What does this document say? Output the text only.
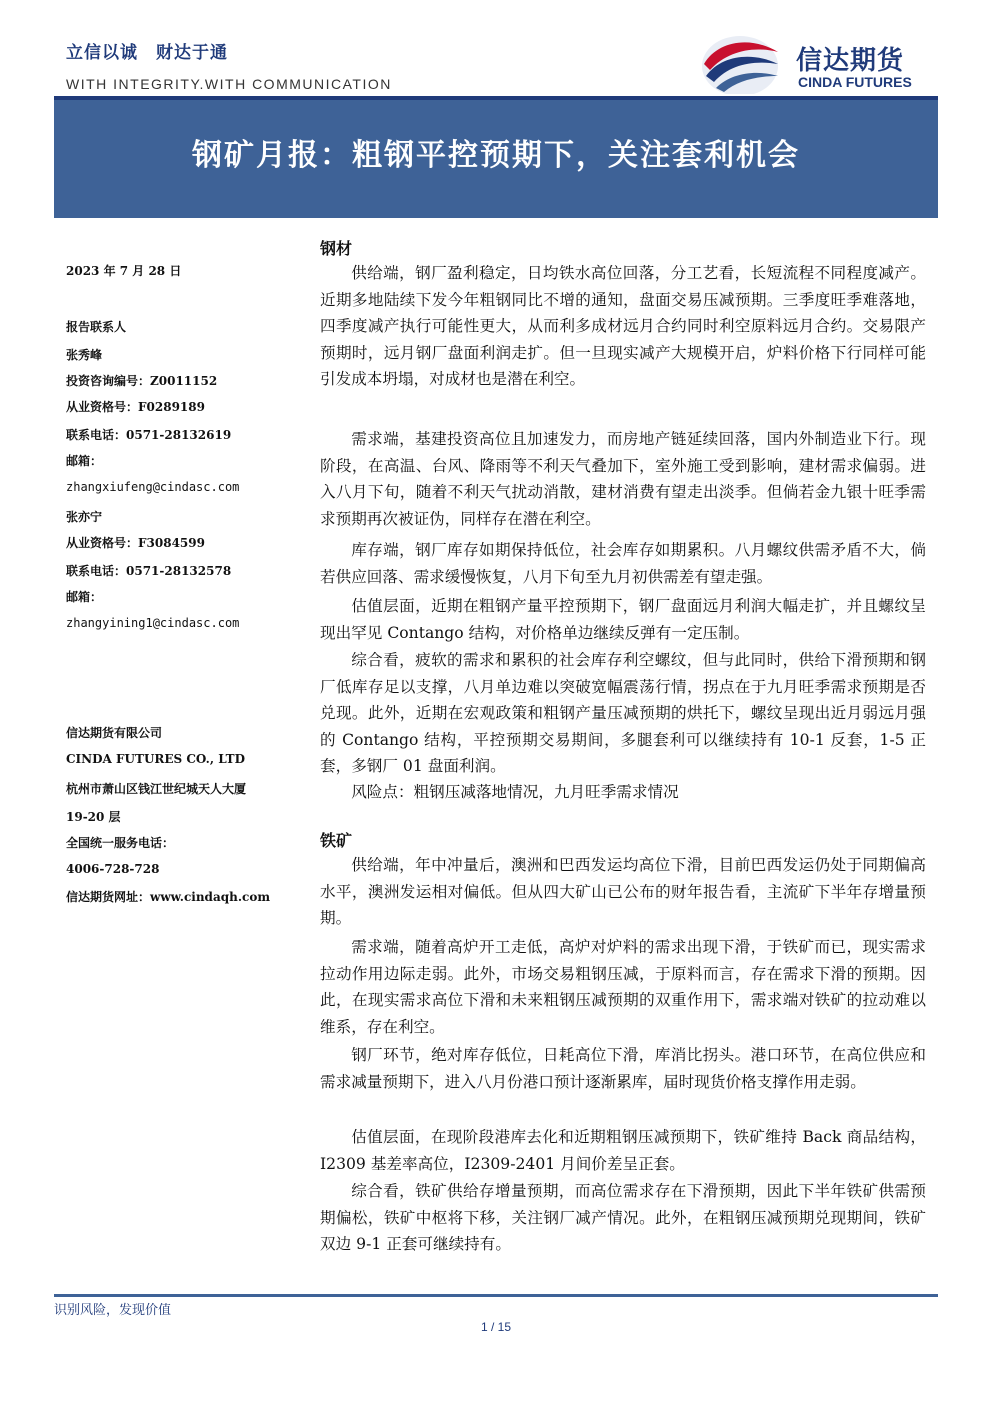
立信以诚　财达于通
WITH INTEGRITY.WITH COMMUNICATION
信达期货
CINDA FUTURES
钢矿月报：粗钢平控预期下，关注套利机会
2023 年 7 月 28 日
报告联系人
张秀峰
投资咨询编号：Z0011152
从业资格号：F0289189
联系电话：0571-28132619
邮箱：
zhangxiufeng@cindasc.com
张亦宁
从业资格号：F3084599
联系电话：0571-28132578
邮箱：
zhangyining1@cindasc.com
信达期货有限公司
CINDA FUTURES CO., LTD
杭州市萧山区钱江世纪城天人大厦
19-20 层
全国统一服务电话：
4006-728-728
信达期货网址：www.cindaqh.com
钢材
供给端，钢厂盈利稳定，日均铁水高位回落，分工艺看，长短流程不同程度减产。近期多地陆续下发今年粗钢同比不增的通知，盘面交易压减预期。三季度旺季难落地，四季度减产执行可能性更大，从而利多成材远月合约同时利空原料远月合约。交易限产预期时，远月钢厂盘面利润走扩。但一旦现实减产大规模开启，炉料价格下行同样可能引发成本坍塌，对成材也是潜在利空。
需求端，基建投资高位且加速发力，而房地产链延续回落，国内外制造业下行。现阶段，在高温、台风、降雨等不利天气叠加下，室外施工受到影响，建材需求偏弱。进入八月下旬，随着不利天气扰动消散，建材消费有望走出淡季。但倘若金九银十旺季需求预期再次被证伪，同样存在潜在利空。
库存端，钢厂库存如期保持低位，社会库存如期累积。八月螺纹供需矛盾不大，倘若供应回落、需求缓慢恢复，八月下旬至九月初供需差有望走强。
估值层面，近期在粗钢产量平控预期下，钢厂盘面远月利润大幅走扩，并且螺纹呈现出罕见 Contango 结构，对价格单边继续反弹有一定压制。
综合看，疲软的需求和累积的社会库存利空螺纹，但与此同时，供给下滑预期和钢厂低库存足以支撑，八月单边难以突破宽幅震荡行情，拐点在于九月旺季需求预期是否兑现。此外，近期在宏观政策和粗钢产量压减预期的烘托下，螺纹呈现出近月弱远月强的 Contango 结构，平控预期交易期间，多腿套利可以继续持有 10-1 反套，1-5 正套，多钢厂 01 盘面利润。
风险点：粗钢压减落地情况，九月旺季需求情况
铁矿
供给端，年中冲量后，澳洲和巴西发运均高位下滑，目前巴西发运仍处于同期偏高水平，澳洲发运相对偏低。但从四大矿山已公布的财年报告看，主流矿下半年存增量预期。
需求端，随着高炉开工走低，高炉对炉料的需求出现下滑，于铁矿而已，现实需求拉动作用边际走弱。此外，市场交易粗钢压减，于原料而言，存在需求下滑的预期。因此，在现实需求高位下滑和未来粗钢压减预期的双重作用下，需求端对铁矿的拉动难以维系，存在利空。
钢厂环节，绝对库存低位，日耗高位下滑，库消比拐头。港口环节，在高位供应和需求减量预期下，进入八月份港口预计逐渐累库，届时现货价格支撑作用走弱。
估值层面，在现阶段港库去化和近期粗钢压减预期下，铁矿维持 Back 商品结构，I2309 基差率高位，I2309-2401 月间价差呈正套。
综合看，铁矿供给存增量预期，而高位需求存在下滑预期，因此下半年铁矿供需预期偏松，铁矿中枢将下移，关注钢厂减产情况。此外，在粗钢压减预期兑现期间，铁矿双边 9-1 正套可继续持有。
识别风险，发现价值
1 / 15
